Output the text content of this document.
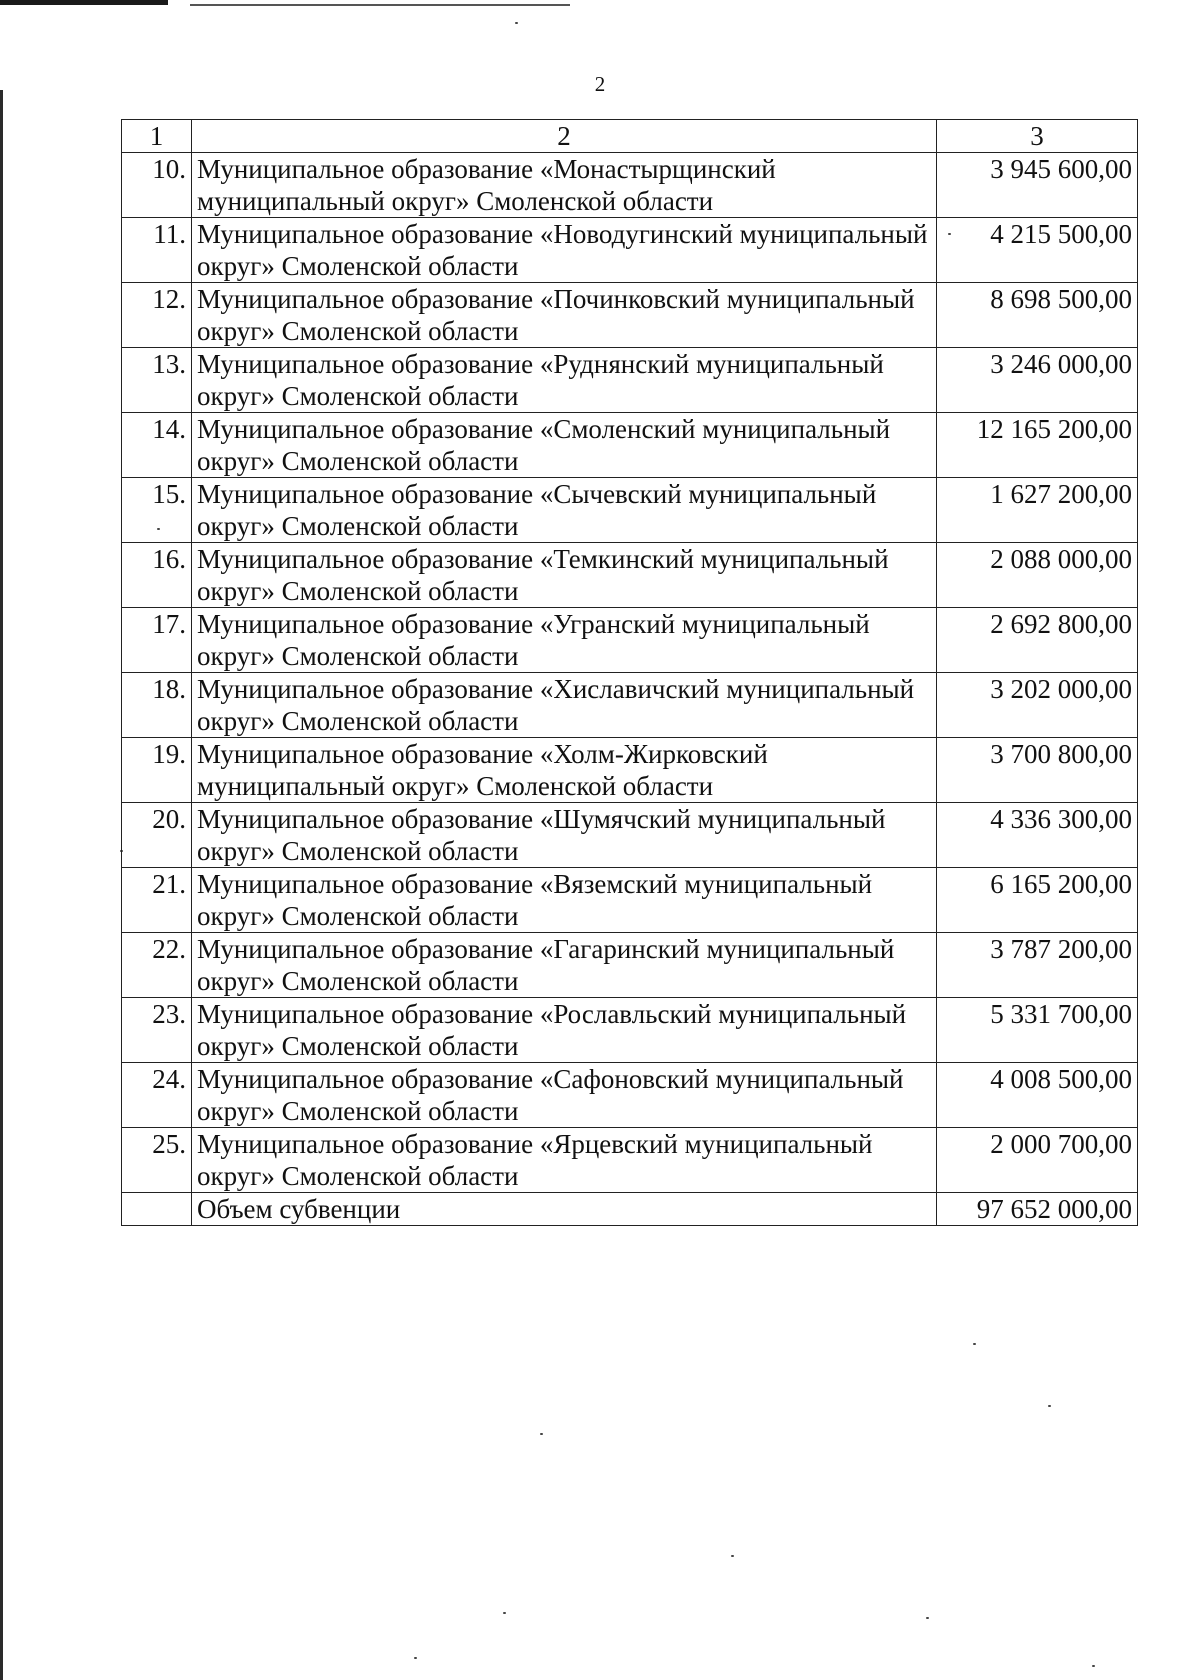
2
1	2	3
10.	Муниципальное образование «Монастырщинский муниципальный округ» Смоленской области	3 945 600,00
11.	Муниципальное образование «Новодугинский муниципальный округ» Смоленской области	4 215 500,00
12.	Муниципальное образование «Починковский муниципальный округ» Смоленской области	8 698 500,00
13.	Муниципальное образование «Руднянский муниципальный округ» Смоленской области	3 246 000,00
14.	Муниципальное образование «Смоленский муниципальный округ» Смоленской области	12 165 200,00
15.	Муниципальное образование «Сычевский муниципальный округ» Смоленской области	1 627 200,00
16.	Муниципальное образование «Темкинский муниципальный округ» Смоленской области	2 088 000,00
17.	Муниципальное образование «Угранский муниципальный округ» Смоленской области	2 692 800,00
18.	Муниципальное образование «Хиславичский муниципальный округ» Смоленской области	3 202 000,00
19.	Муниципальное образование «Холм-Жирковский муниципальный округ» Смоленской области	3 700 800,00
20.	Муниципальное образование «Шумячский муниципальный округ» Смоленской области	4 336 300,00
21.	Муниципальное образование «Вяземский муниципальный округ» Смоленской области	6 165 200,00
22.	Муниципальное образование «Гагаринский муниципальный округ» Смоленской области	3 787 200,00
23.	Муниципальное образование «Рославльский муниципальный округ» Смоленской области	5 331 700,00
24.	Муниципальное образование «Сафоновский муниципальный округ» Смоленской области	4 008 500,00
25.	Муниципальное образование «Ярцевский муниципальный округ» Смоленской области	2 000 700,00
	Объем субвенции	97 652 000,00
